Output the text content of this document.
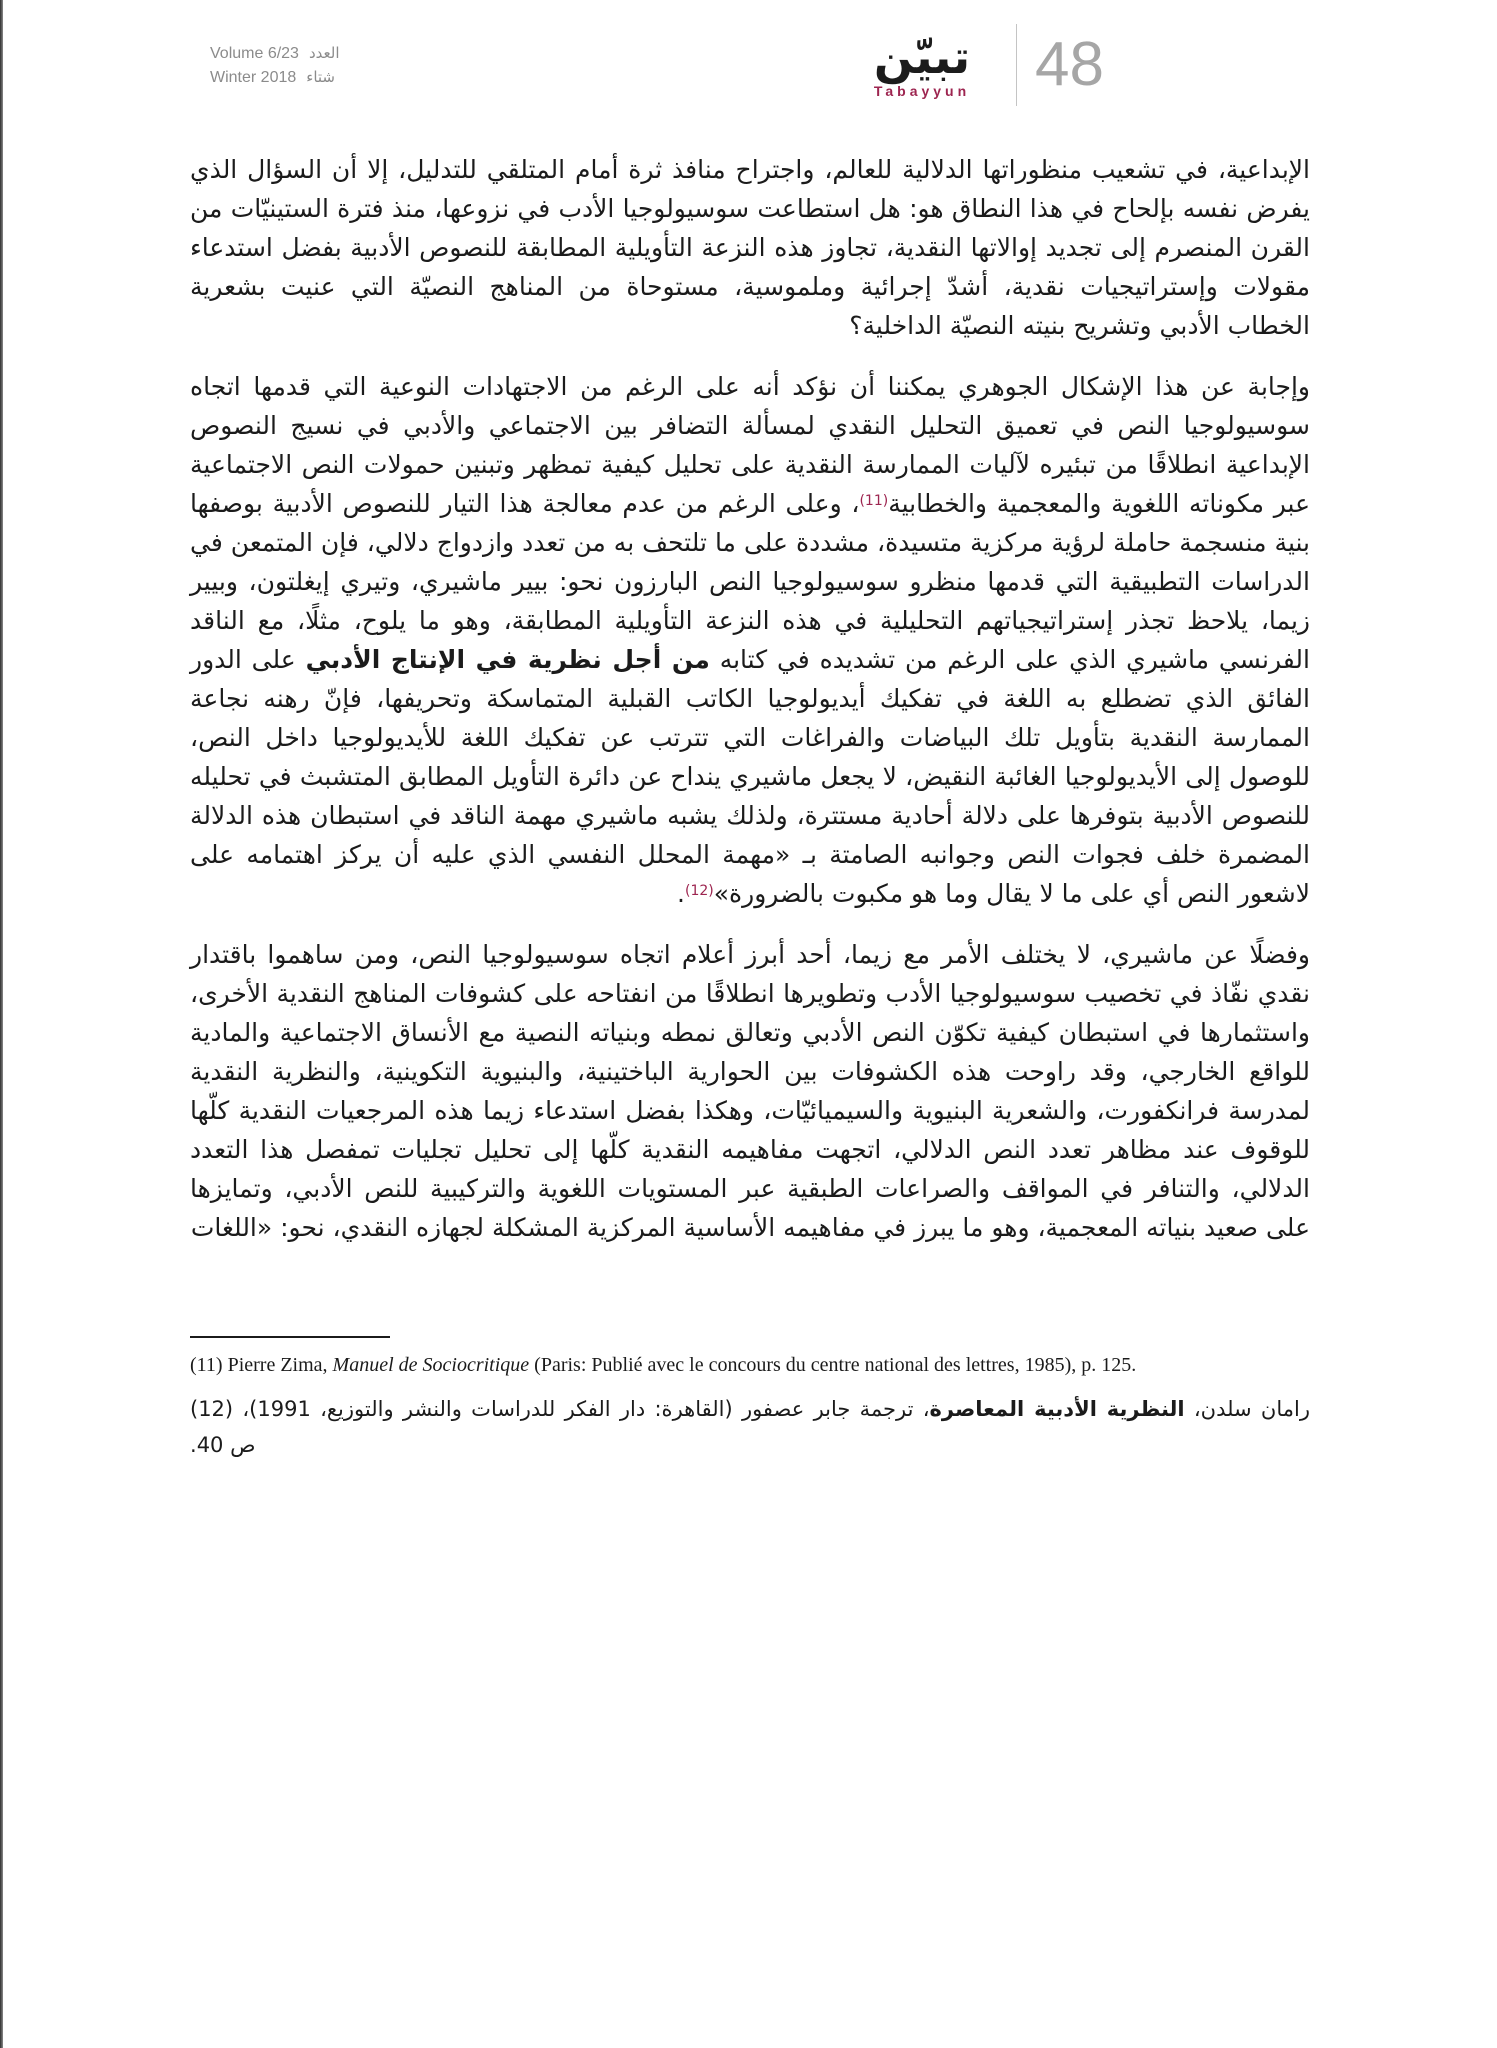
Volume 6/23 العدد
Winter 2018 شتاء	تبيّن
Tabayyun	48

الإبداعية، في تشعيب منظوراتها الدلالية للعالم، واجتراح منافذ ثرة أمام المتلقي للتدليل، إلا أن السؤال الذي يفرض نفسه بإلحاح في هذا النطاق هو: هل استطاعت سوسيولوجيا الأدب في نزوعها، منذ فترة الستينيّات من القرن المنصرم إلى تجديد إوالاتها النقدية، تجاوز هذه النزعة التأويلية المطابقة للنصوص الأدبية بفضل استدعاء مقولات وإستراتيجيات نقدية، أشدّ إجرائية وملموسية، مستوحاة من المناهج النصيّة التي عنيت بشعرية الخطاب الأدبي وتشريح بنيته النصيّة الداخلية؟

وإجابة عن هذا الإشكال الجوهري يمكننا أن نؤكد أنه على الرغم من الاجتهادات النوعية التي قدمها اتجاه سوسيولوجيا النص في تعميق التحليل النقدي لمسألة التضافر بين الاجتماعي والأدبي في نسيج النصوص الإبداعية انطلاقًا من تبئيره لآليات الممارسة النقدية على تحليل كيفية تمظهر وتبنين حمولات النص الاجتماعية عبر مكوناته اللغوية والمعجمية والخطابية$^{(11)}$، وعلى الرغم من عدم معالجة هذا التيار للنصوص الأدبية بوصفها بنية منسجمة حاملة لرؤية مركزية متسيدة، مشددة على ما تلتحف به من تعدد وازدواج دلالي، فإن المتمعن في الدراسات التطبيقية التي قدمها منظرو سوسيولوجيا النص البارزون نحو: بيير ماشيري، وتيري إيغلتون، وبيير زيما، يلاحظ تجذر إستراتيجياتهم التحليلية في هذه النزعة التأويلية المطابقة، وهو ما يلوح، مثلًا، مع الناقد الفرنسي ماشيري الذي على الرغم من تشديده في كتابه من أجل نظرية في الإنتاج الأدبي على الدور الفائق الذي تضطلع به اللغة في تفكيك أيديولوجيا الكاتب القبلية المتماسكة وتحريفها، فإنّ رهنه نجاعة الممارسة النقدية بتأويل تلك البياضات والفراغات التي تترتب عن تفكيك اللغة للأيديولوجيا داخل النص، للوصول إلى الأيديولوجيا الغائبة النقيض، لا يجعل ماشيري ينداح عن دائرة التأويل المطابق المتشبث في تحليله للنصوص الأدبية بتوفرها على دلالة أحادية مستترة، ولذلك يشبه ماشيري مهمة الناقد في استبطان هذه الدلالة المضمرة خلف فجوات النص وجوانبه الصامتة بـ «مهمة المحلل النفسي الذي عليه أن يركز اهتمامه على لاشعور النص أي على ما لا يقال وما هو مكبوت بالضرورة»$^{(12)}$.

وفضلًا عن ماشيري، لا يختلف الأمر مع زيما، أحد أبرز أعلام اتجاه سوسيولوجيا النص، ومن ساهموا باقتدار نقدي نفّاذ في تخصيب سوسيولوجيا الأدب وتطويرها انطلاقًا من انفتاحه على كشوفات المناهج النقدية الأخرى، واستثمارها في استبطان كيفية تكوّن النص الأدبي وتعالق نمطه وبنياته النصية مع الأنساق الاجتماعية والمادية للواقع الخارجي، وقد راوحت هذه الكشوفات بين الحوارية الباختينية، والبنيوية التكوينية، والنظرية النقدية لمدرسة فرانكفورت، والشعرية البنيوية والسيميائيّات، وهكذا بفضل استدعاء زيما هذه المرجعيات النقدية كلّها للوقوف عند مظاهر تعدد النص الدلالي، اتجهت مفاهيمه النقدية كلّها إلى تحليل تجليات تمفصل هذا التعدد الدلالي، والتنافر في المواقف والصراعات الطبقية عبر المستويات اللغوية والتركيبية للنص الأدبي، وتمايزها على صعيد بنياته المعجمية، وهو ما يبرز في مفاهيمه الأساسية المركزية المشكلة لجهازه النقدي، نحو: «اللغات

(11) Pierre Zima, Manuel de Sociocritique (Paris: Publié avec le concours du centre national des lettres, 1985), p. 125.
(12)	رامان سلدن، النظرية الأدبية المعاصرة، ترجمة جابر عصفور (القاهرة: دار الفكر للدراسات والنشر والتوزيع، 1991)،
ص 40.
